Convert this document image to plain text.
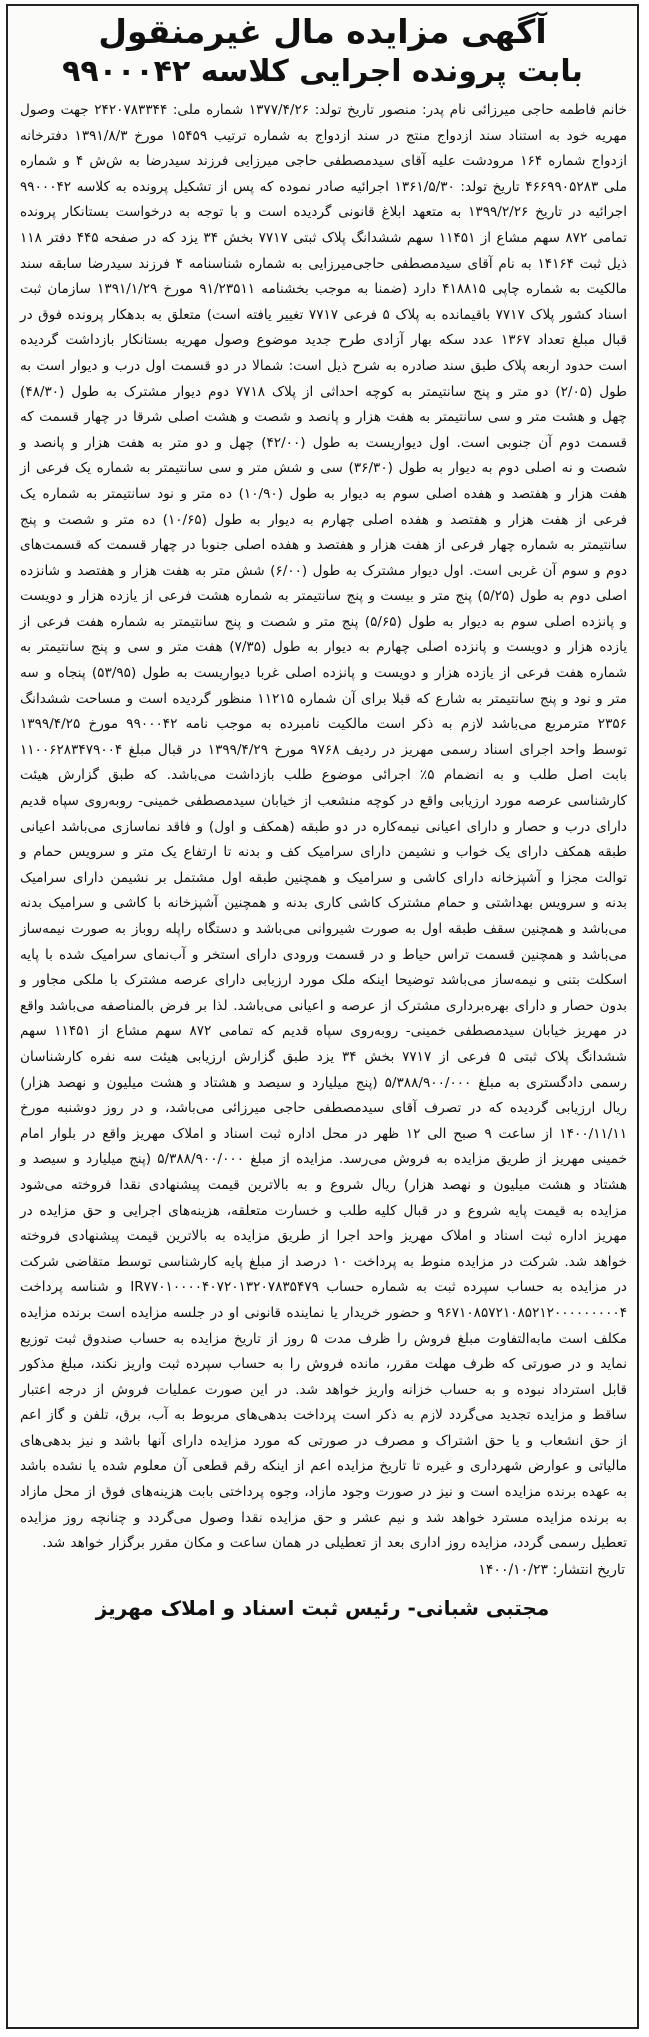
آگهی مزایده مال غیرمنقول
بابت پرونده اجرایی کلاسه ۹۹۰۰۰۴۲

خانم فاطمه حاجی میرزائی نام پدر: منصور تاریخ تولد: ۱۳۷۷/۴/۲۶ شماره ملی: ۲۴۲۰۷۸۳۳۴۴ جهت وصول مهریه خود به استناد سند ازدواج منتج در سند ازدواج به شماره ترتیب ۱۵۴۵۹ مورخ ۱۳۹۱/۸/۳ دفترخانه ازدواج شماره ۱۶۴ مرودشت علیه آقای سیدمصطفی حاجی میرزایی فرزند سیدرضا به ش‌ش ۴ و شماره ملی ۴۶۶۹۹۰۵۲۸۳ تاریخ تولد: ۱۳۶۱/۵/۳۰ اجرائیه صادر نموده که پس از تشکیل پرونده به کلاسه ۹۹۰۰۰۴۲ اجرائیه در تاریخ ۱۳۹۹/۲/۲۶ به متعهد ابلاغ قانونی گردیده است و با توجه به درخواست بستانکار پرونده تمامی ۸۷۲ سهم مشاع از ۱۱۴۵۱ سهم ششدانگ پلاک ثبتی ۷۷۱۷ بخش ۳۴ یزد که در صفحه ۴۴۵ دفتر ۱۱۸ ذیل ثبت ۱۴۱۶۴ به نام آقای سیدمصطفی حاجی‌میرزایی به شماره شناسنامه ۴ فرزند سیدرضا سابقه سند مالکیت به شماره چاپی ۴۱۸۸۱۵ دارد (ضمنا به موجب بخشنامه ۹۱/۲۳۵۱۱ مورخ ۱۳۹۱/۱/۲۹ سازمان ثبت اسناد کشور پلاک ۷۷۱۷ باقیمانده به پلاک ۵ فرعی ۷۷۱۷ تغییر یافته است) متعلق به بدهکار پرونده فوق در قبال مبلغ تعداد ۱۳۶۷ عدد سکه بهار آزادی طرح جدید موضوع وصول مهریه بستانکار بازداشت گردیده است حدود اربعه پلاک طبق سند صادره به شرح ذیل است: شمالا در دو قسمت اول درب و دیوار است به طول (۲/۰۵) دو متر و پنج سانتیمتر به کوچه احداثی از پلاک ۷۷۱۸ دوم دیوار مشترک به طول (۴۸/۳۰) چهل و هشت متر و سی سانتیمتر به هفت هزار و پانصد و شصت و هشت اصلی شرقا در چهار قسمت که قسمت دوم آن جنوبی است. اول دیواریست به طول (۴۲/۰۰) چهل و دو متر به هفت هزار و پانصد و شصت و نه اصلی دوم به دیوار به طول (۳۶/۳۰) سی و شش متر و سی سانتیمتر به شماره یک فرعی از هفت هزار و هفتصد و هفده اصلی سوم به دیوار به طول (۱۰/۹۰) ده متر و نود سانتیمتر به شماره یک فرعی از هفت هزار و هفتصد و هفده اصلی چهارم به دیوار به طول (۱۰/۶۵) ده متر و شصت و پنج سانتیمتر به شماره چهار فرعی از هفت هزار و هفتصد و هفده اصلی جنوبا در چهار قسمت که قسمت‌های دوم و سوم آن غربی است. اول دیوار مشترک به طول (۶/۰۰) شش متر به هفت هزار و هفتصد و شانزده اصلی دوم به طول (۵/۲۵) پنج متر و بیست و پنج سانتیمتر به شماره هشت فرعی از یازده هزار و دویست و پانزده اصلی سوم به دیوار به طول (۵/۶۵) پنج متر و شصت و پنج سانتیمتر به شماره هفت فرعی از یازده هزار و دویست و پانزده اصلی چهارم به دیوار به طول (۷/۳۵) هفت متر و سی و پنج سانتیمتر به شماره هفت فرعی از یازده هزار و دویست و پانزده اصلی غربا دیواریست به طول (۵۳/۹۵) پنجاه و سه متر و نود و پنج سانتیمتر به شارع که قبلا برای آن شماره ۱۱۲۱۵ منظور گردیده است و مساحت ششدانگ ۲۳۵۶ مترمربع می‌باشد لازم به ذکر است مالکیت نامبرده به موجب نامه ۹۹۰۰۰۴۲ مورخ ۱۳۹۹/۴/۲۵ توسط واحد اجرای اسناد رسمی مهریز در ردیف ۹۷۶۸ مورخ ۱۳۹۹/۴/۲۹ در قبال مبلغ ۱۱۰۰۶۲۸۳۴۷۹۰۰۴ بابت اصل طلب و به انضمام ۵٪ اجرائی موضوع طلب بازداشت می‌باشد. که طبق گزارش هیئت کارشناسی عرصه مورد ارزیابی واقع در کوچه منشعب از خیابان سیدمصطفی خمینی- روبه‌روی سپاه قدیم دارای درب و حصار و دارای اعیانی نیمه‌کاره در دو طبقه (همکف و اول) و فاقد نماسازی می‌باشد اعیانی طبقه همکف دارای یک خواب و نشیمن دارای سرامیک کف و بدنه تا ارتفاع یک متر و سرویس حمام و توالت مجزا و آشپزخانه دارای کاشی و سرامیک و همچنین طبقه اول مشتمل بر نشیمن دارای سرامیک بدنه و سرویس بهداشتی و حمام مشترک کاشی کاری بدنه و همچنین آشپزخانه با کاشی و سرامیک بدنه می‌باشد و همچنین سقف طبقه اول به صورت شیروانی می‌باشد و دستگاه راپله روباز به صورت نیمه‌ساز می‌باشد و همچنین قسمت تراس حیاط و در قسمت ورودی دارای استخر و آب‌نمای سرامیک شده با پایه اسکلت بتنی و نیمه‌ساز می‌باشد توضیحا اینکه ملک مورد ارزیابی دارای عرصه مشترک با ملکی مجاور و بدون حصار و دارای بهره‌برداری مشترک از عرصه و اعیانی می‌باشد. لذا بر فرض بالمناصفه می‌باشد واقع در مهریز خیابان سیدمصطفی خمینی- روبه‌روی سپاه قدیم که تمامی ۸۷۲ سهم مشاع از ۱۱۴۵۱ سهم ششدانگ پلاک ثبتی ۵ فرعی از ۷۷۱۷ بخش ۳۴ یزد طبق گزارش ارزیابی هیئت سه نفره کارشناسان رسمی دادگستری به مبلغ ۵/۳۸۸/۹۰۰/۰۰۰ (پنج میلیارد و سیصد و هشتاد و هشت میلیون و نهصد هزار) ریال ارزیابی گردیده که در تصرف آقای سیدمصطفی حاجی میرزائی می‌باشد، و در روز دوشنبه مورخ ۱۴۰۰/۱۱/۱۱ از ساعت ۹ صبح الی ۱۲ ظهر در محل اداره ثبت اسناد و املاک مهریز واقع در بلوار امام خمینی مهریز از طریق مزایده به فروش می‌رسد. مزایده از مبلغ ۵/۳۸۸/۹۰۰/۰۰۰ (پنج میلیارد و سیصد و هشتاد و هشت میلیون و نهصد هزار) ریال شروع و به بالاترین قیمت پیشنهادی نقدا فروخته می‌شود مزایده به قیمت پایه شروع و در قبال کلیه طلب و خسارت متعلقه، هزینه‌های اجرایی و حق مزایده در مهریز اداره ثبت اسناد و املاک مهریز واحد اجرا از طریق مزایده به بالاترین قیمت پیشنهادی فروخته خواهد شد. شرکت در مزایده منوط به پرداخت ۱۰ درصد از مبلغ پایه کارشناسی توسط متقاضی شرکت در مزایده به حساب سپرده ثبت به شماره حساب IR۷۷۰۱۰۰۰۰۴۰۷۲۰۱۳۲۰۷۸۳۵۴۷۹ و شناسه پرداخت ۹۶۷۱۰۸۵۷۲۱۰۸۵۲۱۲۰۰۰۰۰۰۰۰۰۴ و حضور خریدار یا نماینده قانونی او در جلسه مزایده است برنده مزایده مکلف است مابه‌التفاوت مبلغ فروش را ظرف مدت ۵ روز از تاریخ مزایده به حساب صندوق ثبت توزیع نماید و در صورتی که ظرف مهلت مقرر، مانده فروش را به حساب سپرده ثبت واریز نکند، مبلغ مذکور قابل استرداد نبوده و به حساب خزانه واریز خواهد شد. در این صورت عملیات فروش از درجه اعتبار ساقط و مزایده تجدید می‌گردد لازم به ذکر است پرداخت بدهی‌های مربوط به آب، برق، تلفن و گاز اعم از حق انشعاب و یا حق اشتراک و مصرف در صورتی که مورد مزایده دارای آنها باشد و نیز بدهی‌های مالیاتی و عوارض شهرداری و غیره تا تاریخ مزایده اعم از اینکه رقم قطعی آن معلوم شده یا نشده باشد به عهده برنده مزایده است و نیز در صورت وجود مازاد، وجوه پرداختی بابت هزینه‌های فوق از محل مازاد به برنده مزایده مسترد خواهد شد و نیم عشر و حق مزایده نقدا وصول می‌گردد و چنانچه روز مزایده تعطیل رسمی گردد، مزایده روز اداری بعد از تعطیلی در همان ساعت و مکان مقرر برگزار خواهد شد.

تاریخ انتشار: ۱۴۰۰/۱۰/۲۳

مجتبی شبانی- رئیس ثبت اسناد و املاک مهریز
